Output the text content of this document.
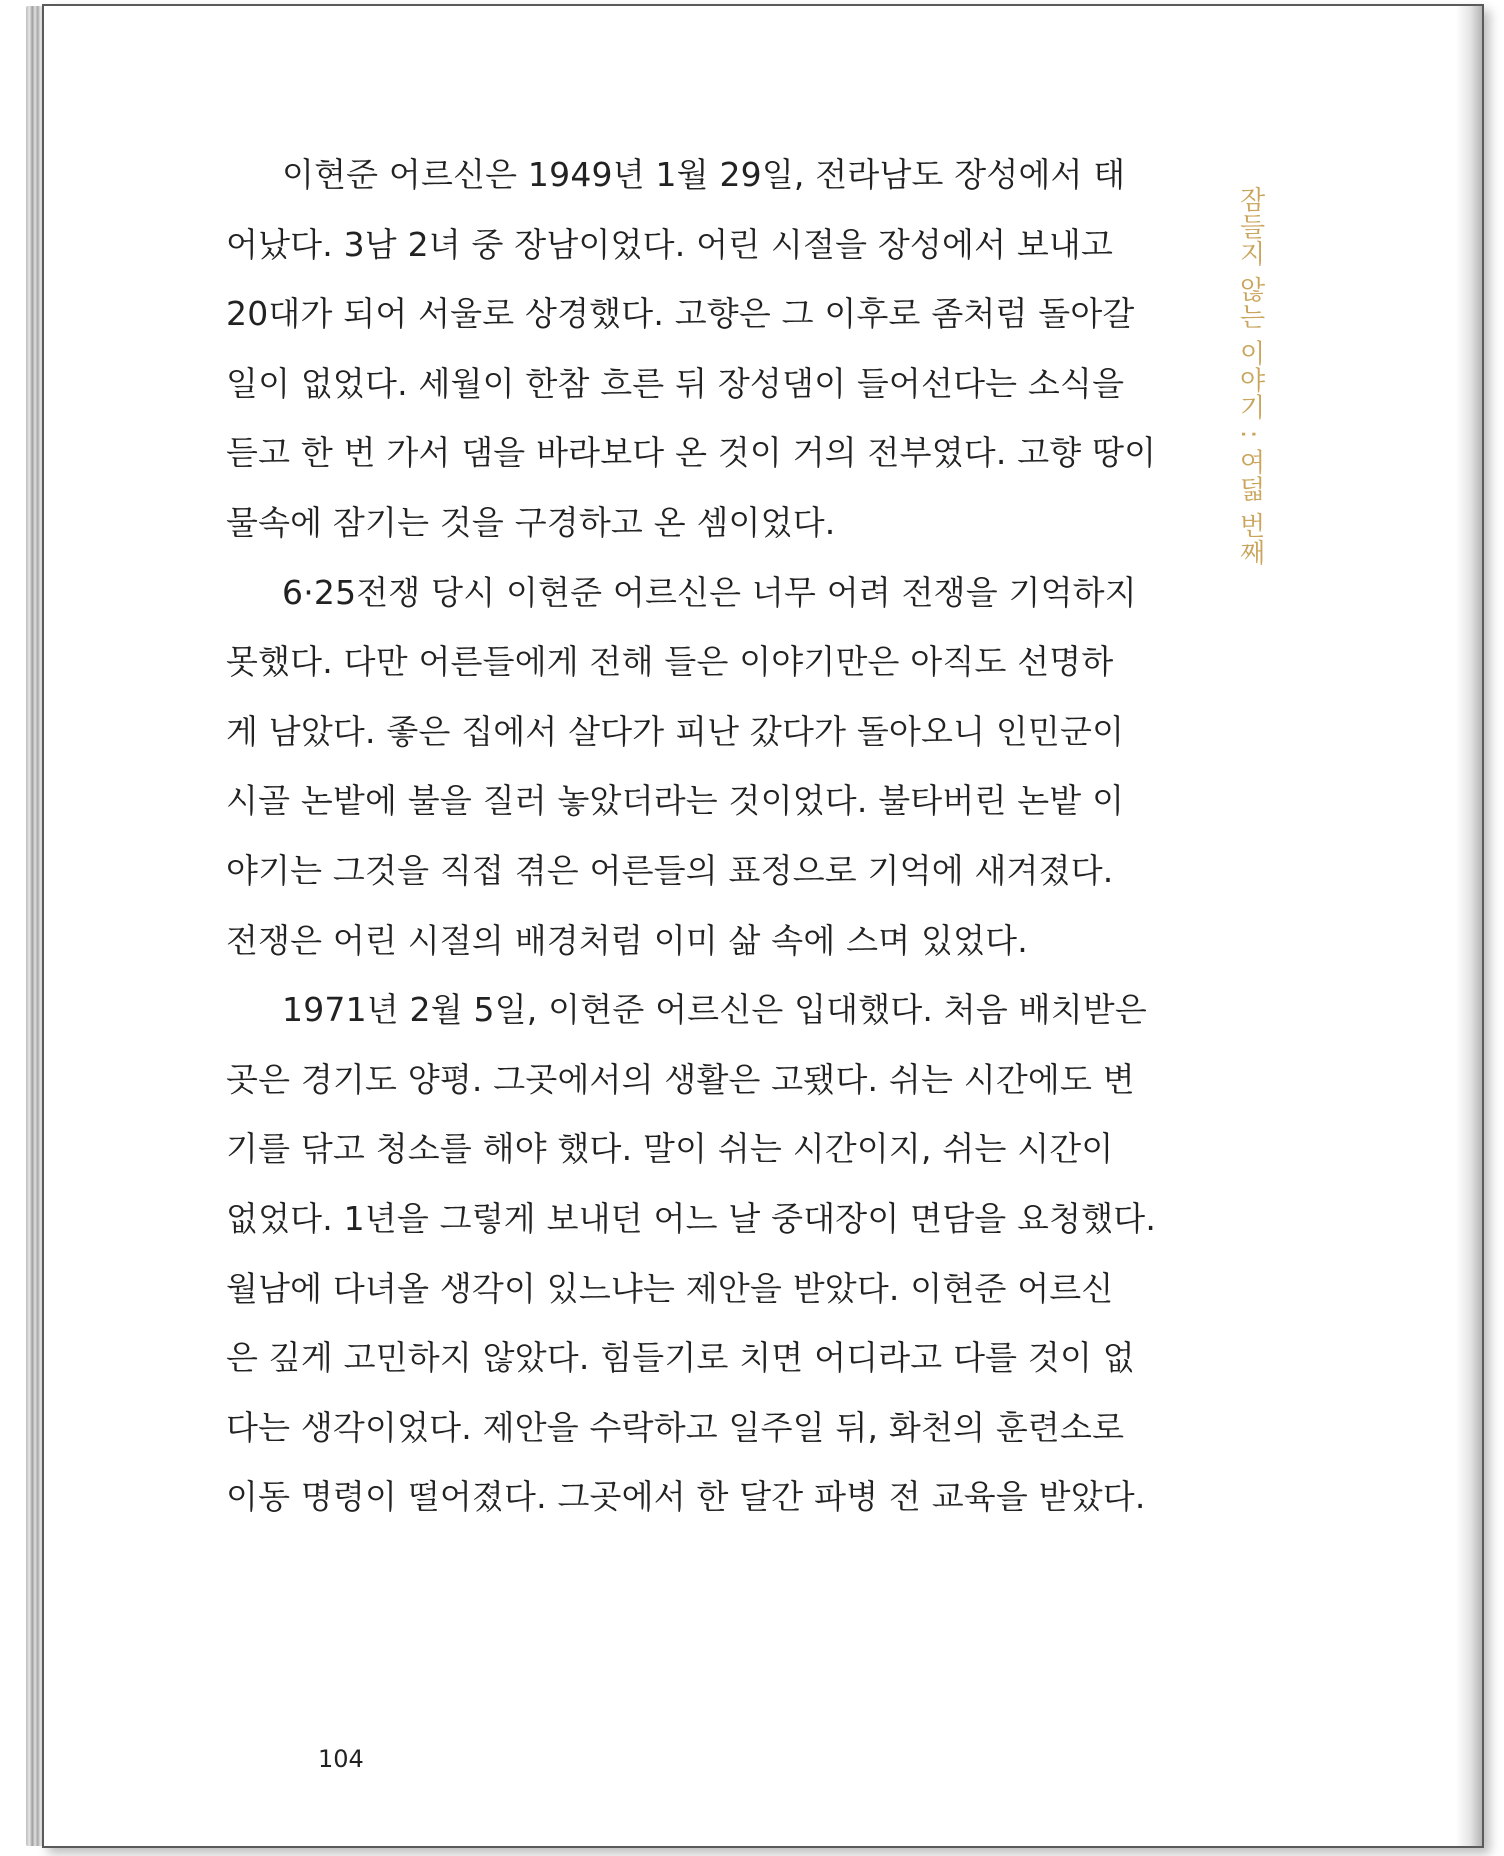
이현준 어르신은 1949년 1월 29일, 전라남도 장성에서 태
어났다. 3남 2녀 중 장남이었다. 어린 시절을 장성에서 보내고
20대가 되어 서울로 상경했다. 고향은 그 이후로 좀처럼 돌아갈
일이 없었다. 세월이 한참 흐른 뒤 장성댐이 들어선다는 소식을
듣고 한 번 가서 댐을 바라보다 온 것이 거의 전부였다. 고향 땅이
물속에 잠기는 것을 구경하고 온 셈이었다.

6·25전쟁 당시 이현준 어르신은 너무 어려 전쟁을 기억하지
못했다. 다만 어른들에게 전해 들은 이야기만은 아직도 선명하
게 남았다. 좋은 집에서 살다가 피난 갔다가 돌아오니 인민군이
시골 논밭에 불을 질러 놓았더라는 것이었다. 불타버린 논밭 이
야기는 그것을 직접 겪은 어른들의 표정으로 기억에 새겨졌다.
전쟁은 어린 시절의 배경처럼 이미 삶 속에 스며 있었다.

1971년 2월 5일, 이현준 어르신은 입대했다. 처음 배치받은
곳은 경기도 양평. 그곳에서의 생활은 고됐다. 쉬는 시간에도 변
기를 닦고 청소를 해야 했다. 말이 쉬는 시간이지, 쉬는 시간이
없었다. 1년을 그렇게 보내던 어느 날 중대장이 면담을 요청했다.
월남에 다녀올 생각이 있느냐는 제안을 받았다. 이현준 어르신
은 깊게 고민하지 않았다. 힘들기로 치면 어디라고 다를 것이 없
다는 생각이었다. 제안을 수락하고 일주일 뒤, 화천의 훈련소로
이동 명령이 떨어졌다. 그곳에서 한 달간 파병 전 교육을 받았다.

잠들지 않는 이야기 : 여덟 번째
104
